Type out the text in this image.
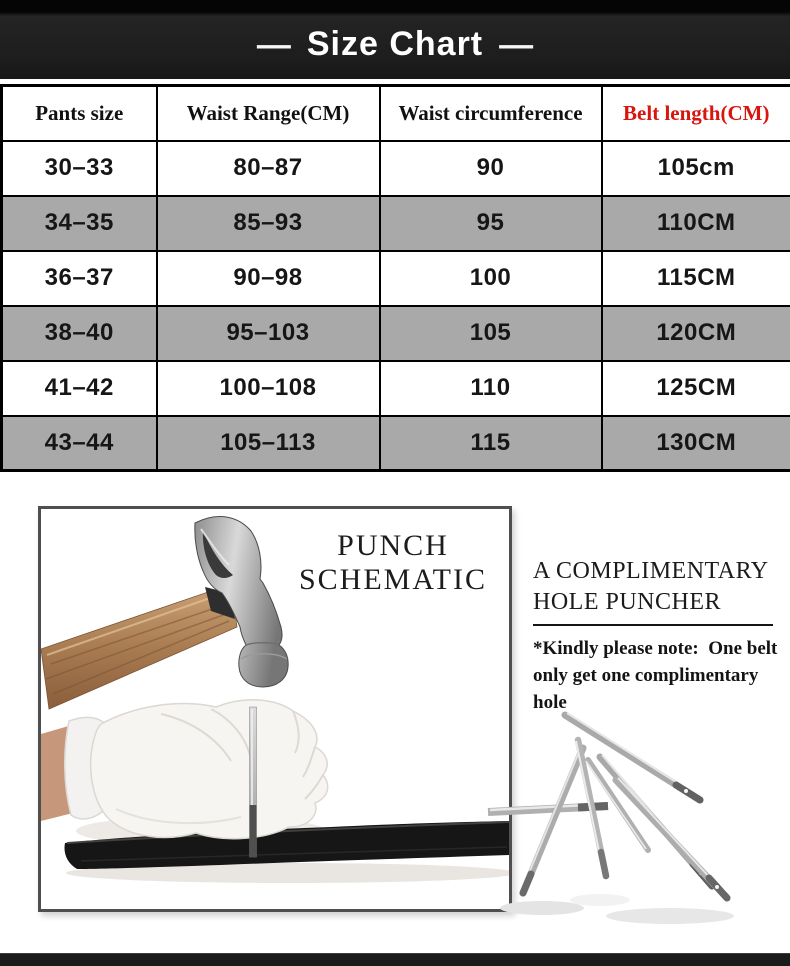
— Size Chart —
Pants size	Waist Range(CM)	Waist circumference	Belt length(CM)
30–33	80–87	90	105cm
34–35	85–93	95	110CM
36–37	90–98	100	115CM
38–40	95–103	105	120CM
41–42	100–108	110	125CM
43–44	105–113	115	130CM
PUNCH
SCHEMATIC A COMPLIMENTARY
HOLE PUNCHER
*Kindly please note:  One belt
only get one complimentary hole
